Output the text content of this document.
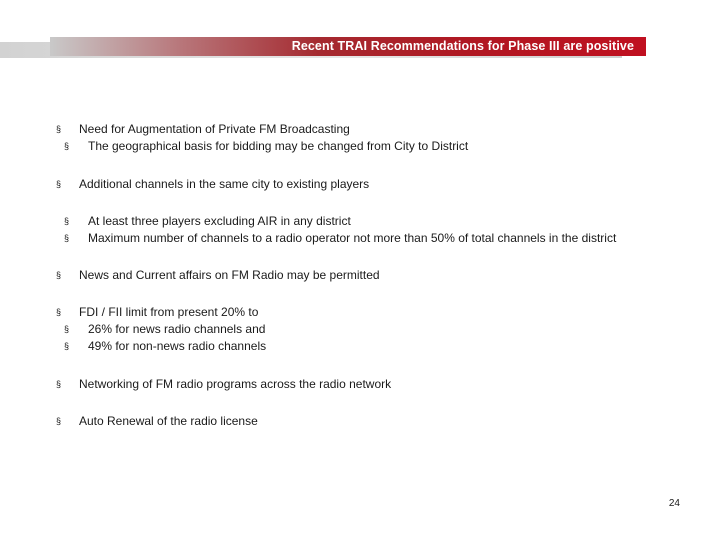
Recent TRAI Recommendations for Phase III are positive
§ Need for Augmentation of Private FM Broadcasting
§ The geographical basis for bidding may be changed from City to District
§ Additional channels in the same city to existing players
§ At least three players excluding AIR in any district
§ Maximum number of channels to a radio operator not more than 50% of total channels in the district
§ News and Current affairs on FM Radio may be permitted
§ FDI / FII limit from present 20% to
§ 26% for news radio channels and
§ 49% for non-news radio channels
§ Networking of FM radio programs across the radio network
§ Auto Renewal of the radio license
24
